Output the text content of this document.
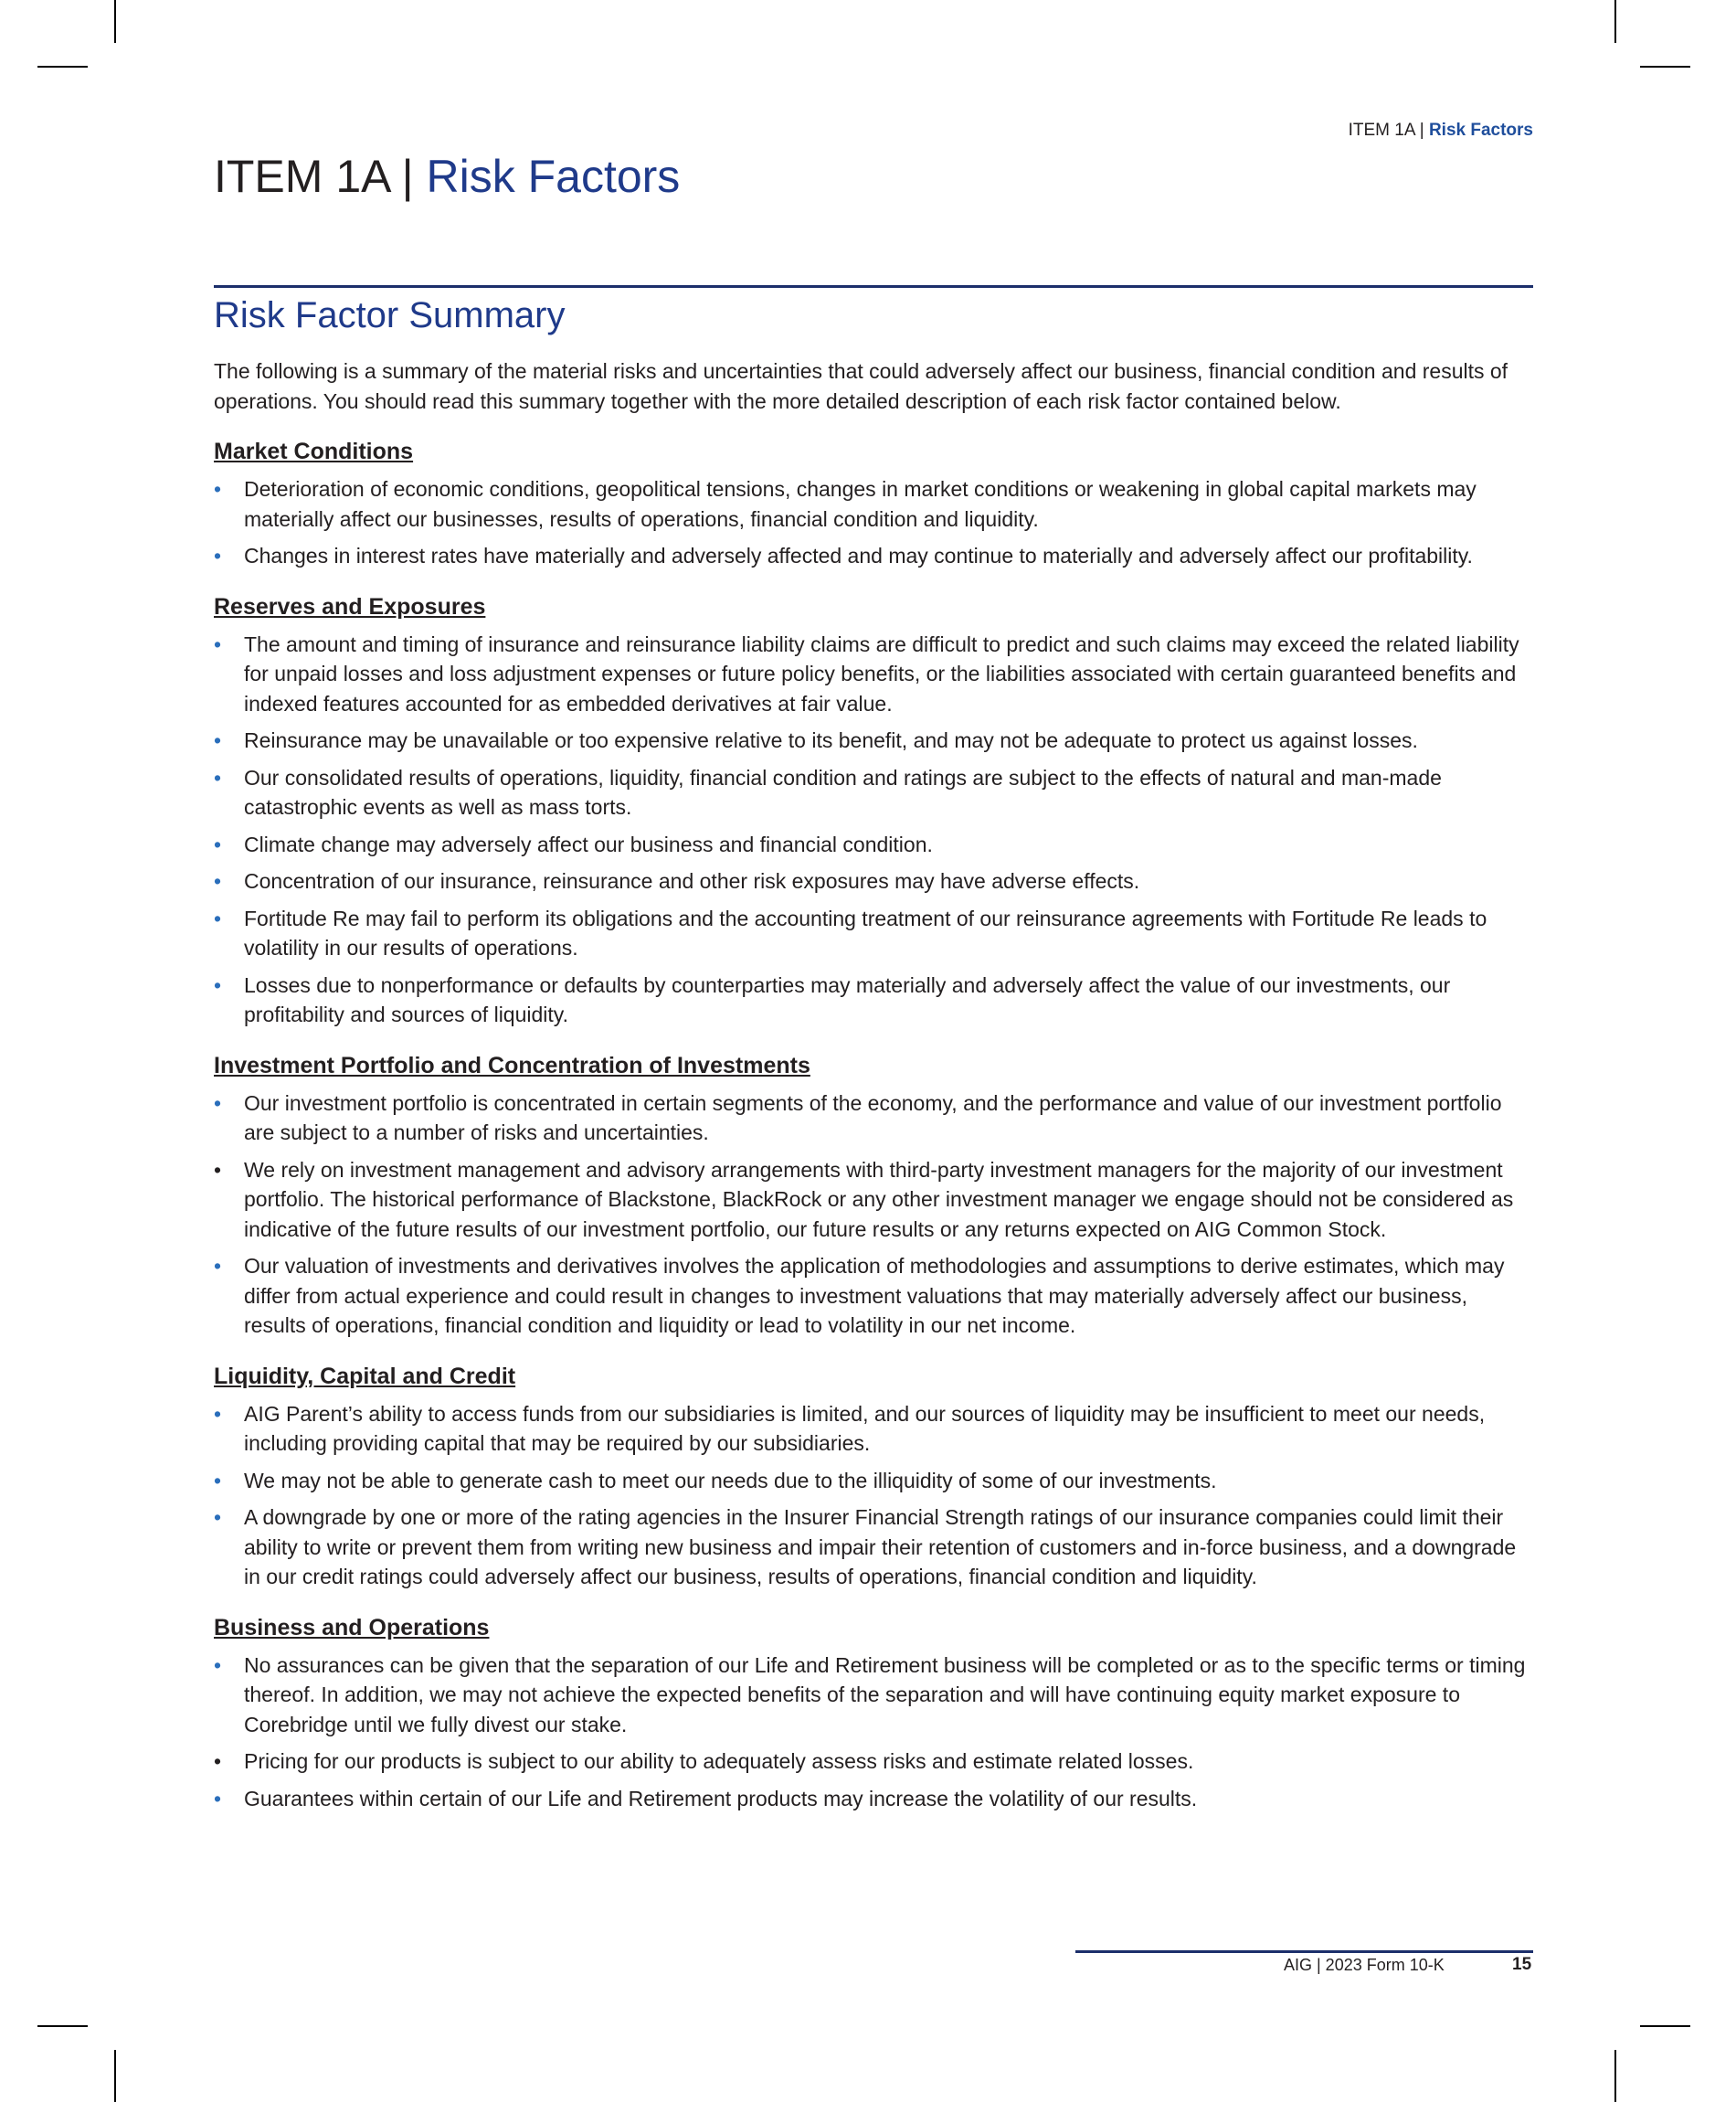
ITEM 1A | Risk Factors
ITEM 1A | Risk Factors
Risk Factor Summary

The following is a summary of the material risks and uncertainties that could adversely affect our business, financial condition and results of operations. You should read this summary together with the more detailed description of each risk factor contained below.

Market Conditions
• Deterioration of economic conditions, geopolitical tensions, changes in market conditions or weakening in global capital markets may materially affect our businesses, results of operations, financial condition and liquidity.
• Changes in interest rates have materially and adversely affected and may continue to materially and adversely affect our profitability.
Reserves and Exposures
• The amount and timing of insurance and reinsurance liability claims are difficult to predict and such claims may exceed the related liability for unpaid losses and loss adjustment expenses or future policy benefits, or the liabilities associated with certain guaranteed benefits and indexed features accounted for as embedded derivatives at fair value.
• Reinsurance may be unavailable or too expensive relative to its benefit, and may not be adequate to protect us against losses.
• Our consolidated results of operations, liquidity, financial condition and ratings are subject to the effects of natural and man-made catastrophic events as well as mass torts.
• Climate change may adversely affect our business and financial condition.
• Concentration of our insurance, reinsurance and other risk exposures may have adverse effects.
• Fortitude Re may fail to perform its obligations and the accounting treatment of our reinsurance agreements with Fortitude Re leads to volatility in our results of operations.
• Losses due to nonperformance or defaults by counterparties may materially and adversely affect the value of our investments, our profitability and sources of liquidity.
Investment Portfolio and Concentration of Investments
• Our investment portfolio is concentrated in certain segments of the economy, and the performance and value of our investment portfolio are subject to a number of risks and uncertainties.
• We rely on investment management and advisory arrangements with third-party investment managers for the majority of our investment portfolio. The historical performance of Blackstone, BlackRock or any other investment manager we engage should not be considered as indicative of the future results of our investment portfolio, our future results or any returns expected on AIG Common Stock.
• Our valuation of investments and derivatives involves the application of methodologies and assumptions to derive estimates, which may differ from actual experience and could result in changes to investment valuations that may materially adversely affect our business, results of operations, financial condition and liquidity or lead to volatility in our net income.
Liquidity, Capital and Credit
• AIG Parent’s ability to access funds from our subsidiaries is limited, and our sources of liquidity may be insufficient to meet our needs, including providing capital that may be required by our subsidiaries.
• We may not be able to generate cash to meet our needs due to the illiquidity of some of our investments.
• A downgrade by one or more of the rating agencies in the Insurer Financial Strength ratings of our insurance companies could limit their ability to write or prevent them from writing new business and impair their retention of customers and in-force business, and a downgrade in our credit ratings could adversely affect our business, results of operations, financial condition and liquidity.
Business and Operations
• No assurances can be given that the separation of our Life and Retirement business will be completed or as to the specific terms or timing thereof. In addition, we may not achieve the expected benefits of the separation and will have continuing equity market exposure to Corebridge until we fully divest our stake.
• Pricing for our products is subject to our ability to adequately assess risks and estimate related losses.
• Guarantees within certain of our Life and Retirement products may increase the volatility of our results.
AIG | 2023 Form 10-K	15
